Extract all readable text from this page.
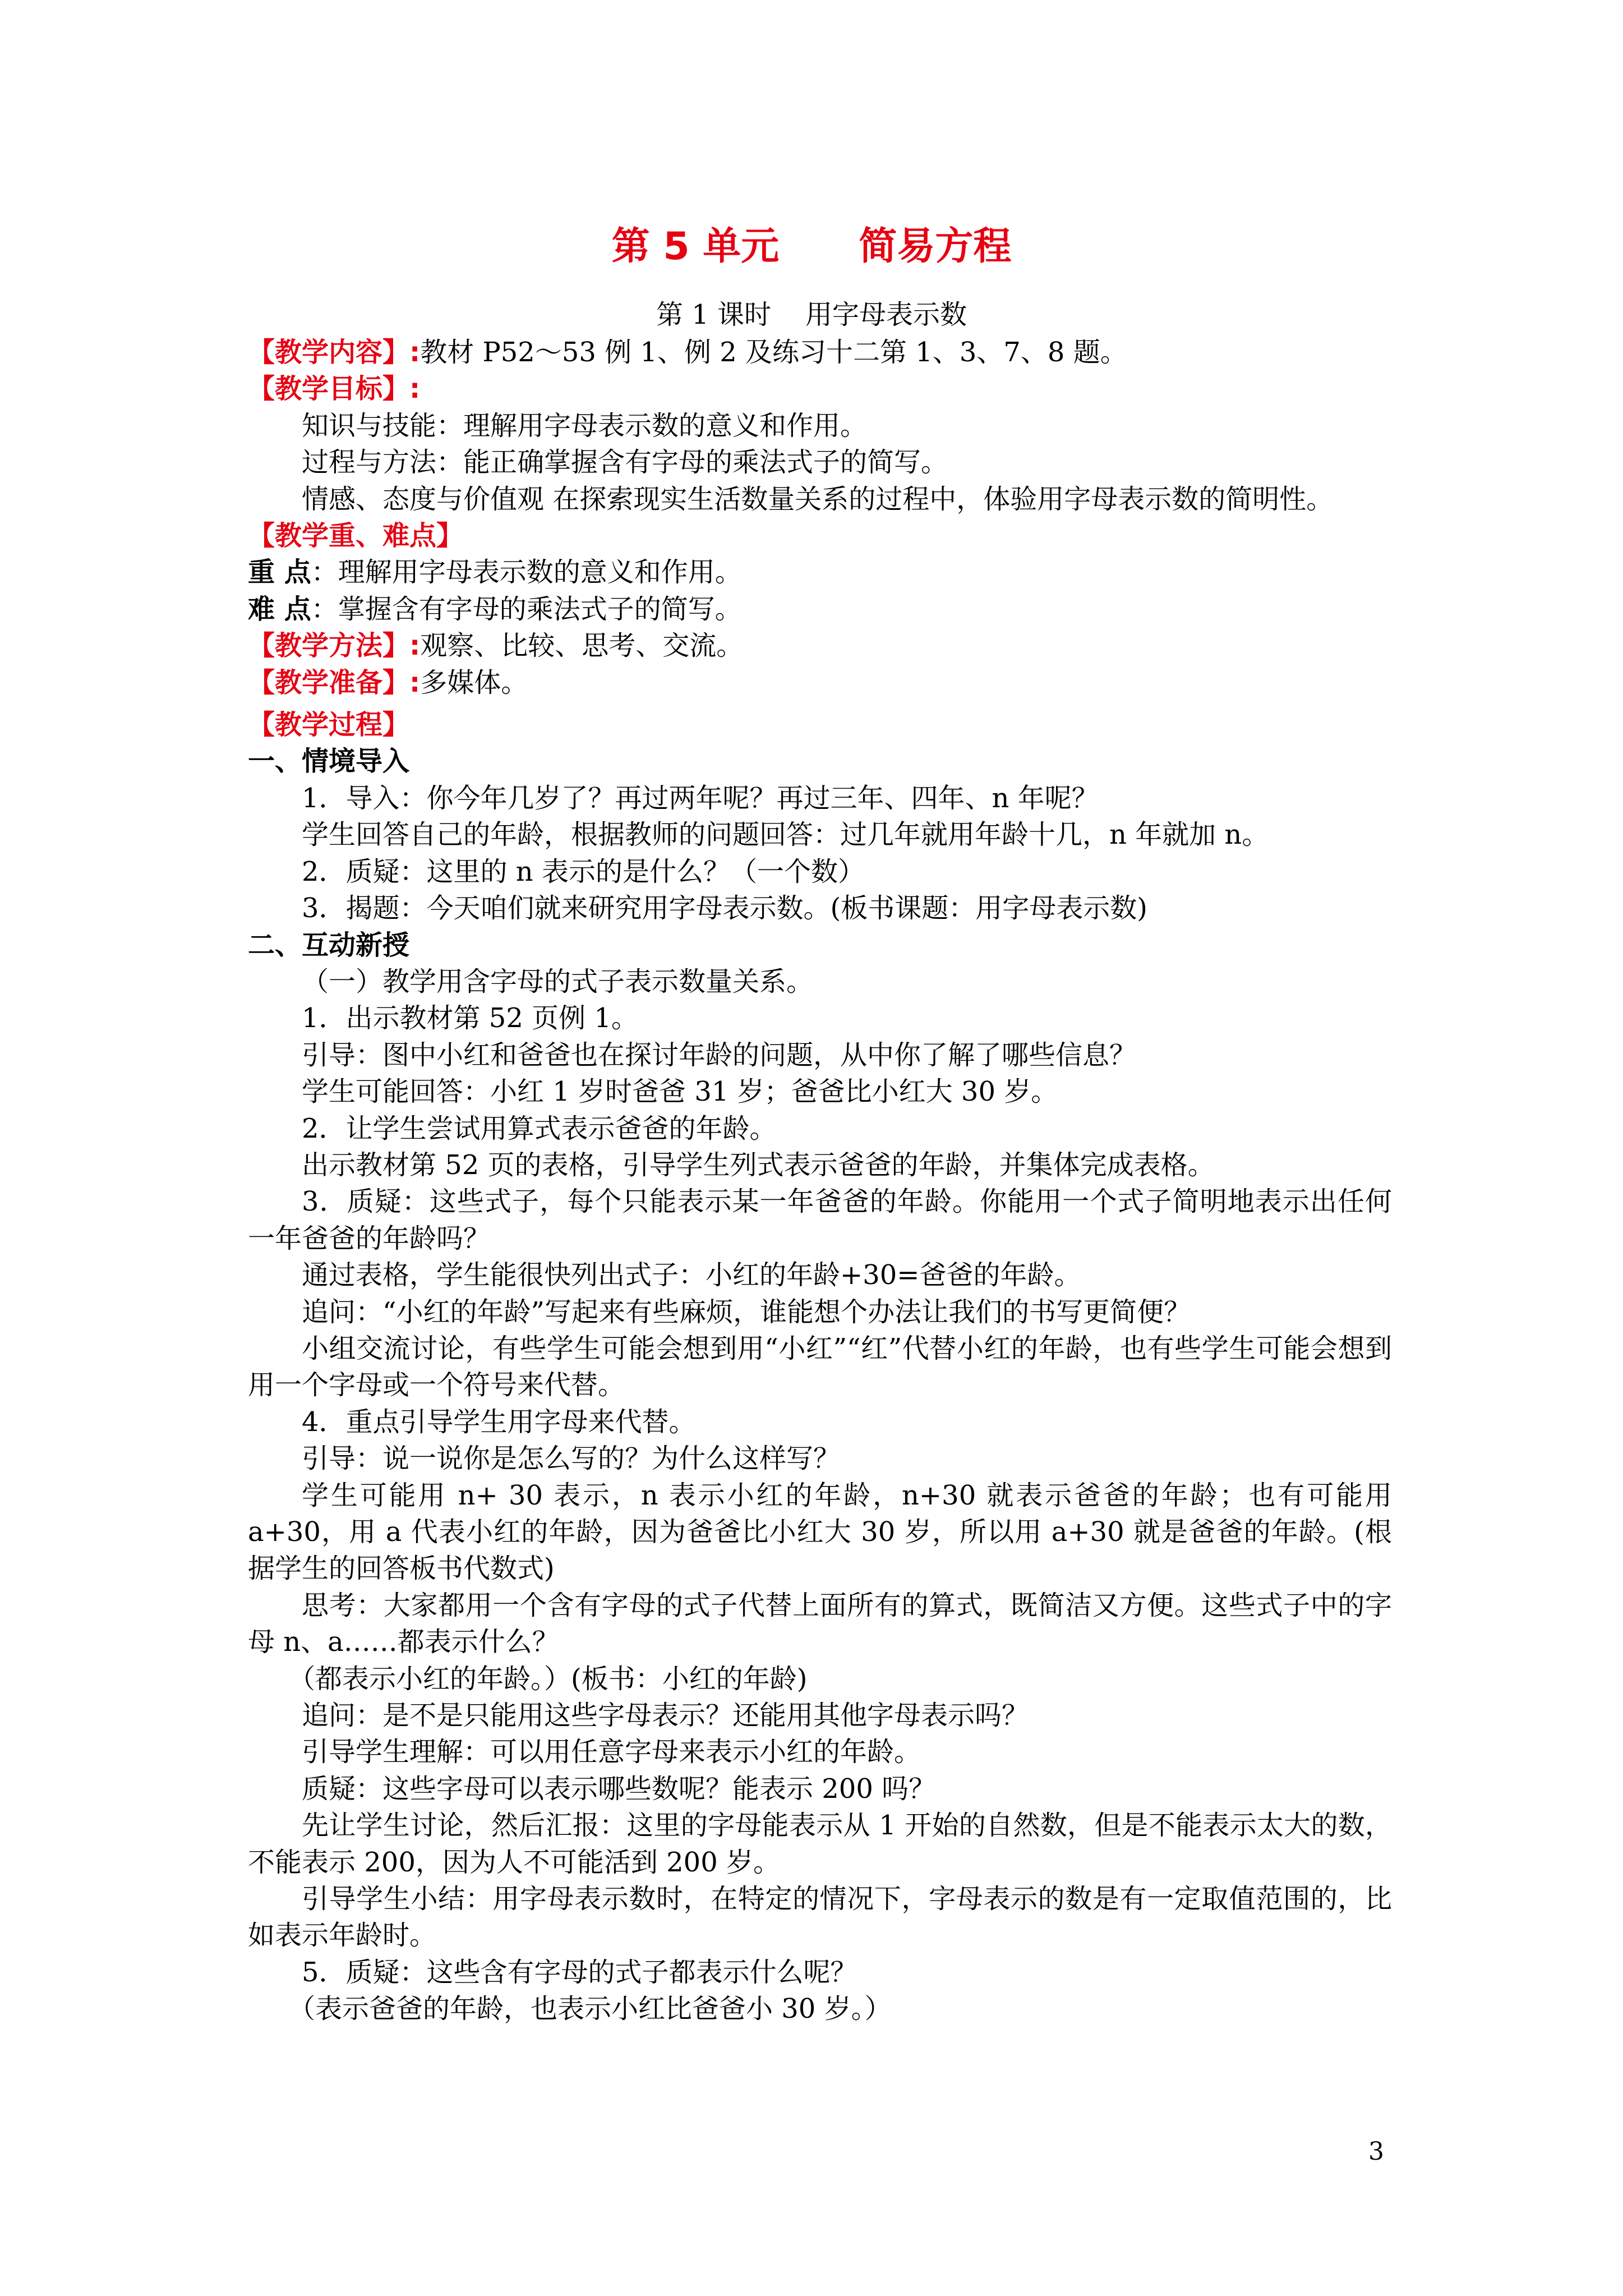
第 5 单元      简易方程
第 1 课时    用字母表示数

【教学内容】:教材 P52～53 例 1、例 2 及练习十二第 1、3、7、8 题。

【教学目标】:

知识与技能：理解用字母表示数的意义和作用。

过程与方法：能正确掌握含有字母的乘法式子的简写。

情感、态度与价值观 在探索现实生活数量关系的过程中，体验用字母表示数的简明性。

【教学重、难点】

重 点：理解用字母表示数的意义和作用。

难 点：掌握含有字母的乘法式子的简写。

【教学方法】:观察、比较、思考、交流。

【教学准备】:多媒体。

【教学过程】

一、情境导入

1．导入：你今年几岁了？再过两年呢？再过三年、四年、n 年呢？

学生回答自己的年龄，根据教师的问题回答：过几年就用年龄十几，n 年就加 n。

2．质疑：这里的 n 表示的是什么？（一个数）

3．揭题：今天咱们就来研究用字母表示数。(板书课题：用字母表示数)

二、互动新授

（一）教学用含字母的式子表示数量关系。

1．出示教材第 52 页例 1。

引导：图中小红和爸爸也在探讨年龄的问题，从中你了解了哪些信息？

学生可能回答：小红 1 岁时爸爸 31 岁；爸爸比小红大 30 岁。

2．让学生尝试用算式表示爸爸的年龄。

出示教材第 52 页的表格，引导学生列式表示爸爸的年龄，并集体完成表格。

3．质疑：这些式子，每个只能表示某一年爸爸的年龄。你能用一个式子简明地表示出任何一年爸爸的年龄吗？

通过表格，学生能很快列出式子：小红的年龄+30=爸爸的年龄。

追问：“小红的年龄”写起来有些麻烦，谁能想个办法让我们的书写更简便？

小组交流讨论，有些学生可能会想到用“小红”“红”代替小红的年龄，也有些学生可能会想到用一个字母或一个符号来代替。

4．重点引导学生用字母来代替。

引导：说一说你是怎么写的？为什么这样写？

学生可能用 n+ 30 表示，n 表示小红的年龄，n+30 就表示爸爸的年龄；也有可能用 a+30，用 a 代表小红的年龄，因为爸爸比小红大 30 岁，所以用 a+30 就是爸爸的年龄。(根据学生的回答板书代数式)

思考：大家都用一个含有字母的式子代替上面所有的算式，既简洁又方便。这些式子中的字母 n、a……都表示什么？

（都表示小红的年龄。）(板书：小红的年龄)

追问：是不是只能用这些字母表示？还能用其他字母表示吗？

引导学生理解：可以用任意字母来表示小红的年龄。

质疑：这些字母可以表示哪些数呢？能表示 200 吗？

先让学生讨论，然后汇报：这里的字母能表示从 1 开始的自然数，但是不能表示太大的数，不能表示 200，因为人不可能活到 200 岁。

引导学生小结：用字母表示数时，在特定的情况下，字母表示的数是有一定取值范围的，比如表示年龄时。

5．质疑：这些含有字母的式子都表示什么呢？

（表示爸爸的年龄，也表示小红比爸爸小 30 岁。）

3
